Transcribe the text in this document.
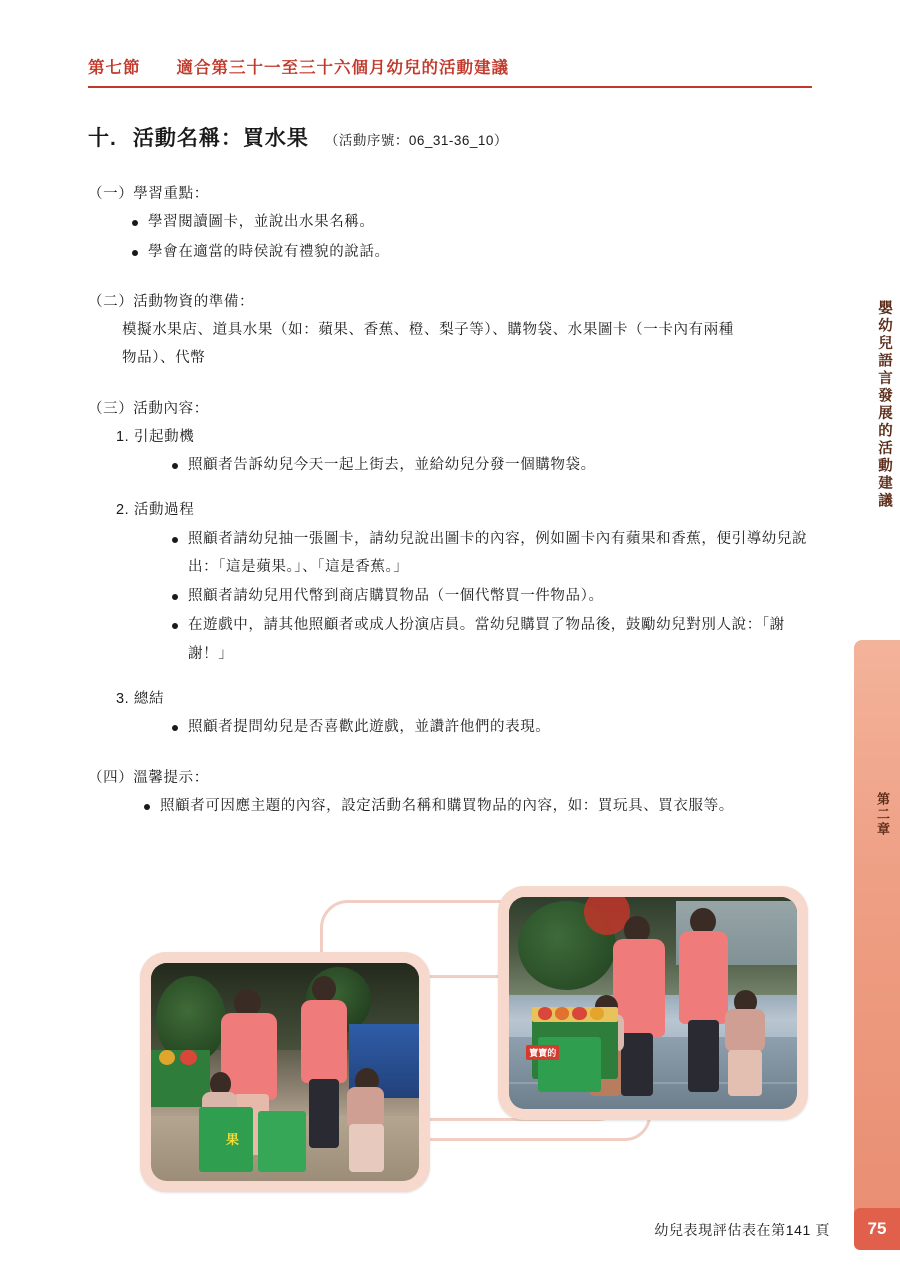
第七節 適合第三十一至三十六個月幼兒的活動建議
十. 活動名稱：買水果 （活動序號：06_31-36_10）

（一）學習重點：

學習閱讀圖卡，並說出水果名稱。
學會在適當的時侯說有禮貌的說話。

（二）活動物資的準備：

模擬水果店、道具水果（如：蘋果、香蕉、橙、梨子等）、購物袋、水果圖卡（一卡內有兩種
物品）、代幣

（三）活動內容：

1. 引起動機

照顧者告訴幼兒今天一起上街去，並給幼兒分發一個購物袋。

2. 活動過程

照顧者請幼兒抽一張圖卡，請幼兒說出圖卡的內容，例如圖卡內有蘋果和香蕉，便引導幼兒說出：「這是蘋果。」、「這是香蕉。」
照顧者請幼兒用代幣到商店購買物品（一個代幣買一件物品）。
在遊戲中，請其他照顧者或成人扮演店員。當幼兒購買了物品後，鼓勵幼兒對別人說：「謝謝！」

3. 總結

照顧者提問幼兒是否喜歡此遊戲，並讚許他們的表現。

（四）溫馨提示：

照顧者可因應主題的內容，設定活動名稱和購買物品的內容，如：買玩具、買衣服等。
寶寶的
果
第二章
嬰幼兒語言發展的活動建議
幼兒表現評估表在第141 頁	75
